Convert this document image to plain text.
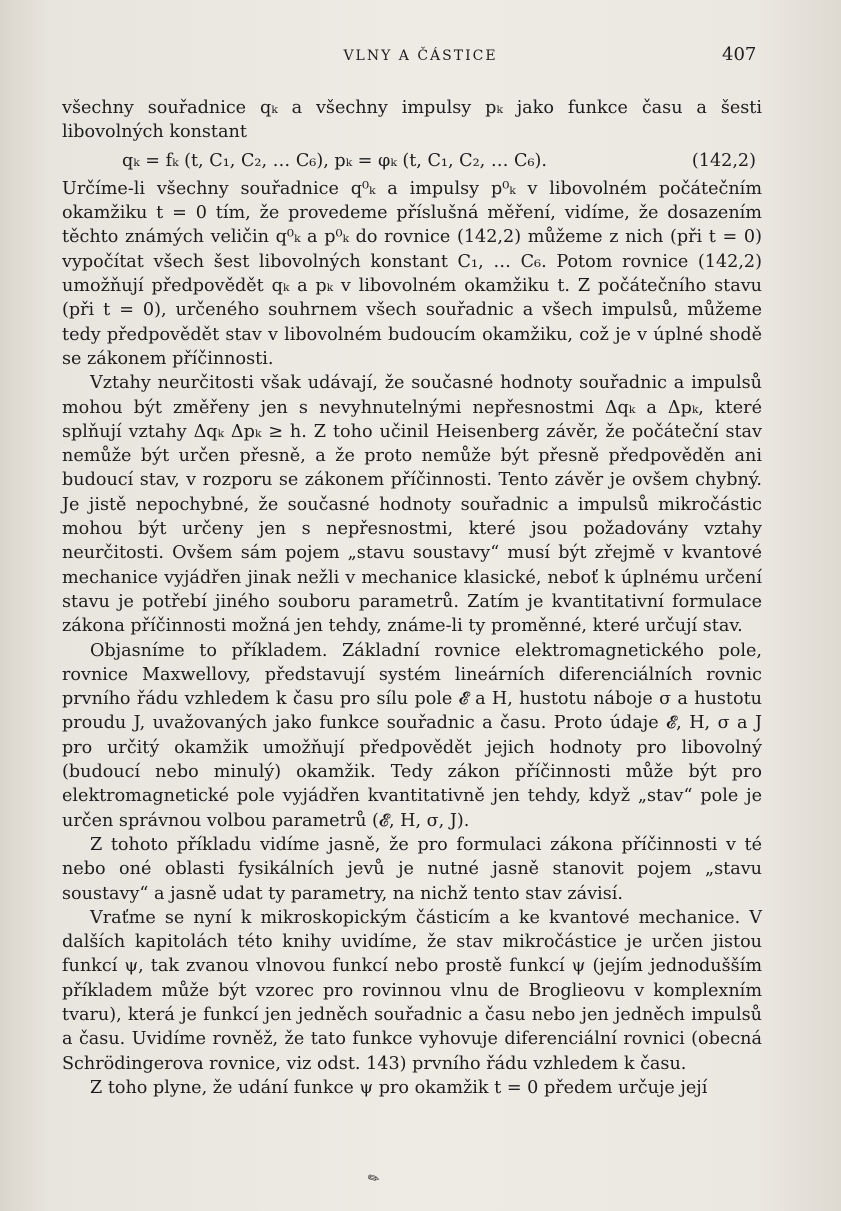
VLNY A ČÁSTICE	407

všechny souřadnice qₖ a všechny impulsy pₖ jako funkce času a šesti libovolných konstant

qₖ = fₖ (t, C₁, C₂, … C₆), pₖ = φₖ (t, C₁, C₂, … C₆).	(142,2)

Určíme-li všechny souřadnice q⁰ₖ a impulsy p⁰ₖ v libovolném počátečním okamžiku t = 0 tím, že provedeme příslušná měření, vidíme, že dosazením těchto známých veličin q⁰ₖ a p⁰ₖ do rovnice (142,2) můžeme z nich (při t = 0) vypočítat všech šest libovolných konstant C₁, … C₆. Potom rovnice (142,2) umožňují předpovědět qₖ a pₖ v libovolném okamžiku t. Z počátečního stavu (při t = 0), určeného souhrnem všech souřadnic a všech impulsů, můžeme tedy předpovědět stav v libovolném budoucím okamžiku, což je v úplné shodě se zákonem příčinnosti.

Vztahy neurčitosti však udávají, že současné hodnoty souřadnic a impulsů mohou být změřeny jen s nevyhnutelnými nepřesnostmi Δqₖ a Δpₖ, které splňují vztahy Δqₖ Δpₖ ≥ h. Z toho učinil Heisenberg závěr, že počáteční stav nemůže být určen přesně, a že proto nemůže být přesně předpověděn ani budoucí stav, v rozporu se zákonem příčinnosti. Tento závěr je ovšem chybný. Je jistě nepochybné, že současné hodnoty souřadnic a impulsů mikročástic mohou být určeny jen s nepřesnostmi, které jsou požadovány vztahy neurčitosti. Ovšem sám pojem „stavu soustavy“ musí být zřejmě v kvantové mechanice vyjádřen jinak nežli v mechanice klasické, neboť k úplnému určení stavu je potřebí jiného souboru parametrů. Zatím je kvantitativní formulace zákona příčinnosti možná jen tehdy, známe-li ty proměnné, které určují stav.

Objasníme to příkladem. Základní rovnice elektromagnetického pole, rovnice Maxwellovy, představují systém lineárních diferenciálních rovnic prvního řádu vzhledem k času pro sílu pole 𝓔 a H, hustotu náboje σ a hustotu proudu J, uvažovaných jako funkce souřadnic a času. Proto údaje 𝓔, H, σ a J pro určitý okamžik umožňují předpovědět jejich hodnoty pro libovolný (budoucí nebo minulý) okamžik. Tedy zákon příčinnosti může být pro elektromagnetické pole vyjádřen kvantitativně jen tehdy, když „stav“ pole je určen správnou volbou parametrů (𝓔, H, σ, J).

Z tohoto příkladu vidíme jasně, že pro formulaci zákona příčinnosti v té nebo oné oblasti fysikálních jevů je nutné jasně stanovit pojem „stavu soustavy“ a jasně udat ty parametry, na nichž tento stav závisí.

Vraťme se nyní k mikroskopickým částicím a ke kvantové mechanice. V dalších kapitolách této knihy uvidíme, že stav mikročástice je určen jistou funkcí ψ, tak zvanou vlnovou funkcí nebo prostě funkcí ψ (jejím jednodušším příkladem může být vzorec pro rovinnou vlnu de Broglieovu v komplexním tvaru), která je funkcí jen jedněch souřadnic a času nebo jen jedněch impulsů a času. Uvidíme rovněž, že tato funkce vyhovuje diferenciální rovnici (obecná Schrödingerova rovnice, viz odst. 143) prvního řádu vzhledem k času.

Z toho plyne, že udání funkce ψ pro okamžik t = 0 předem určuje její

✎
